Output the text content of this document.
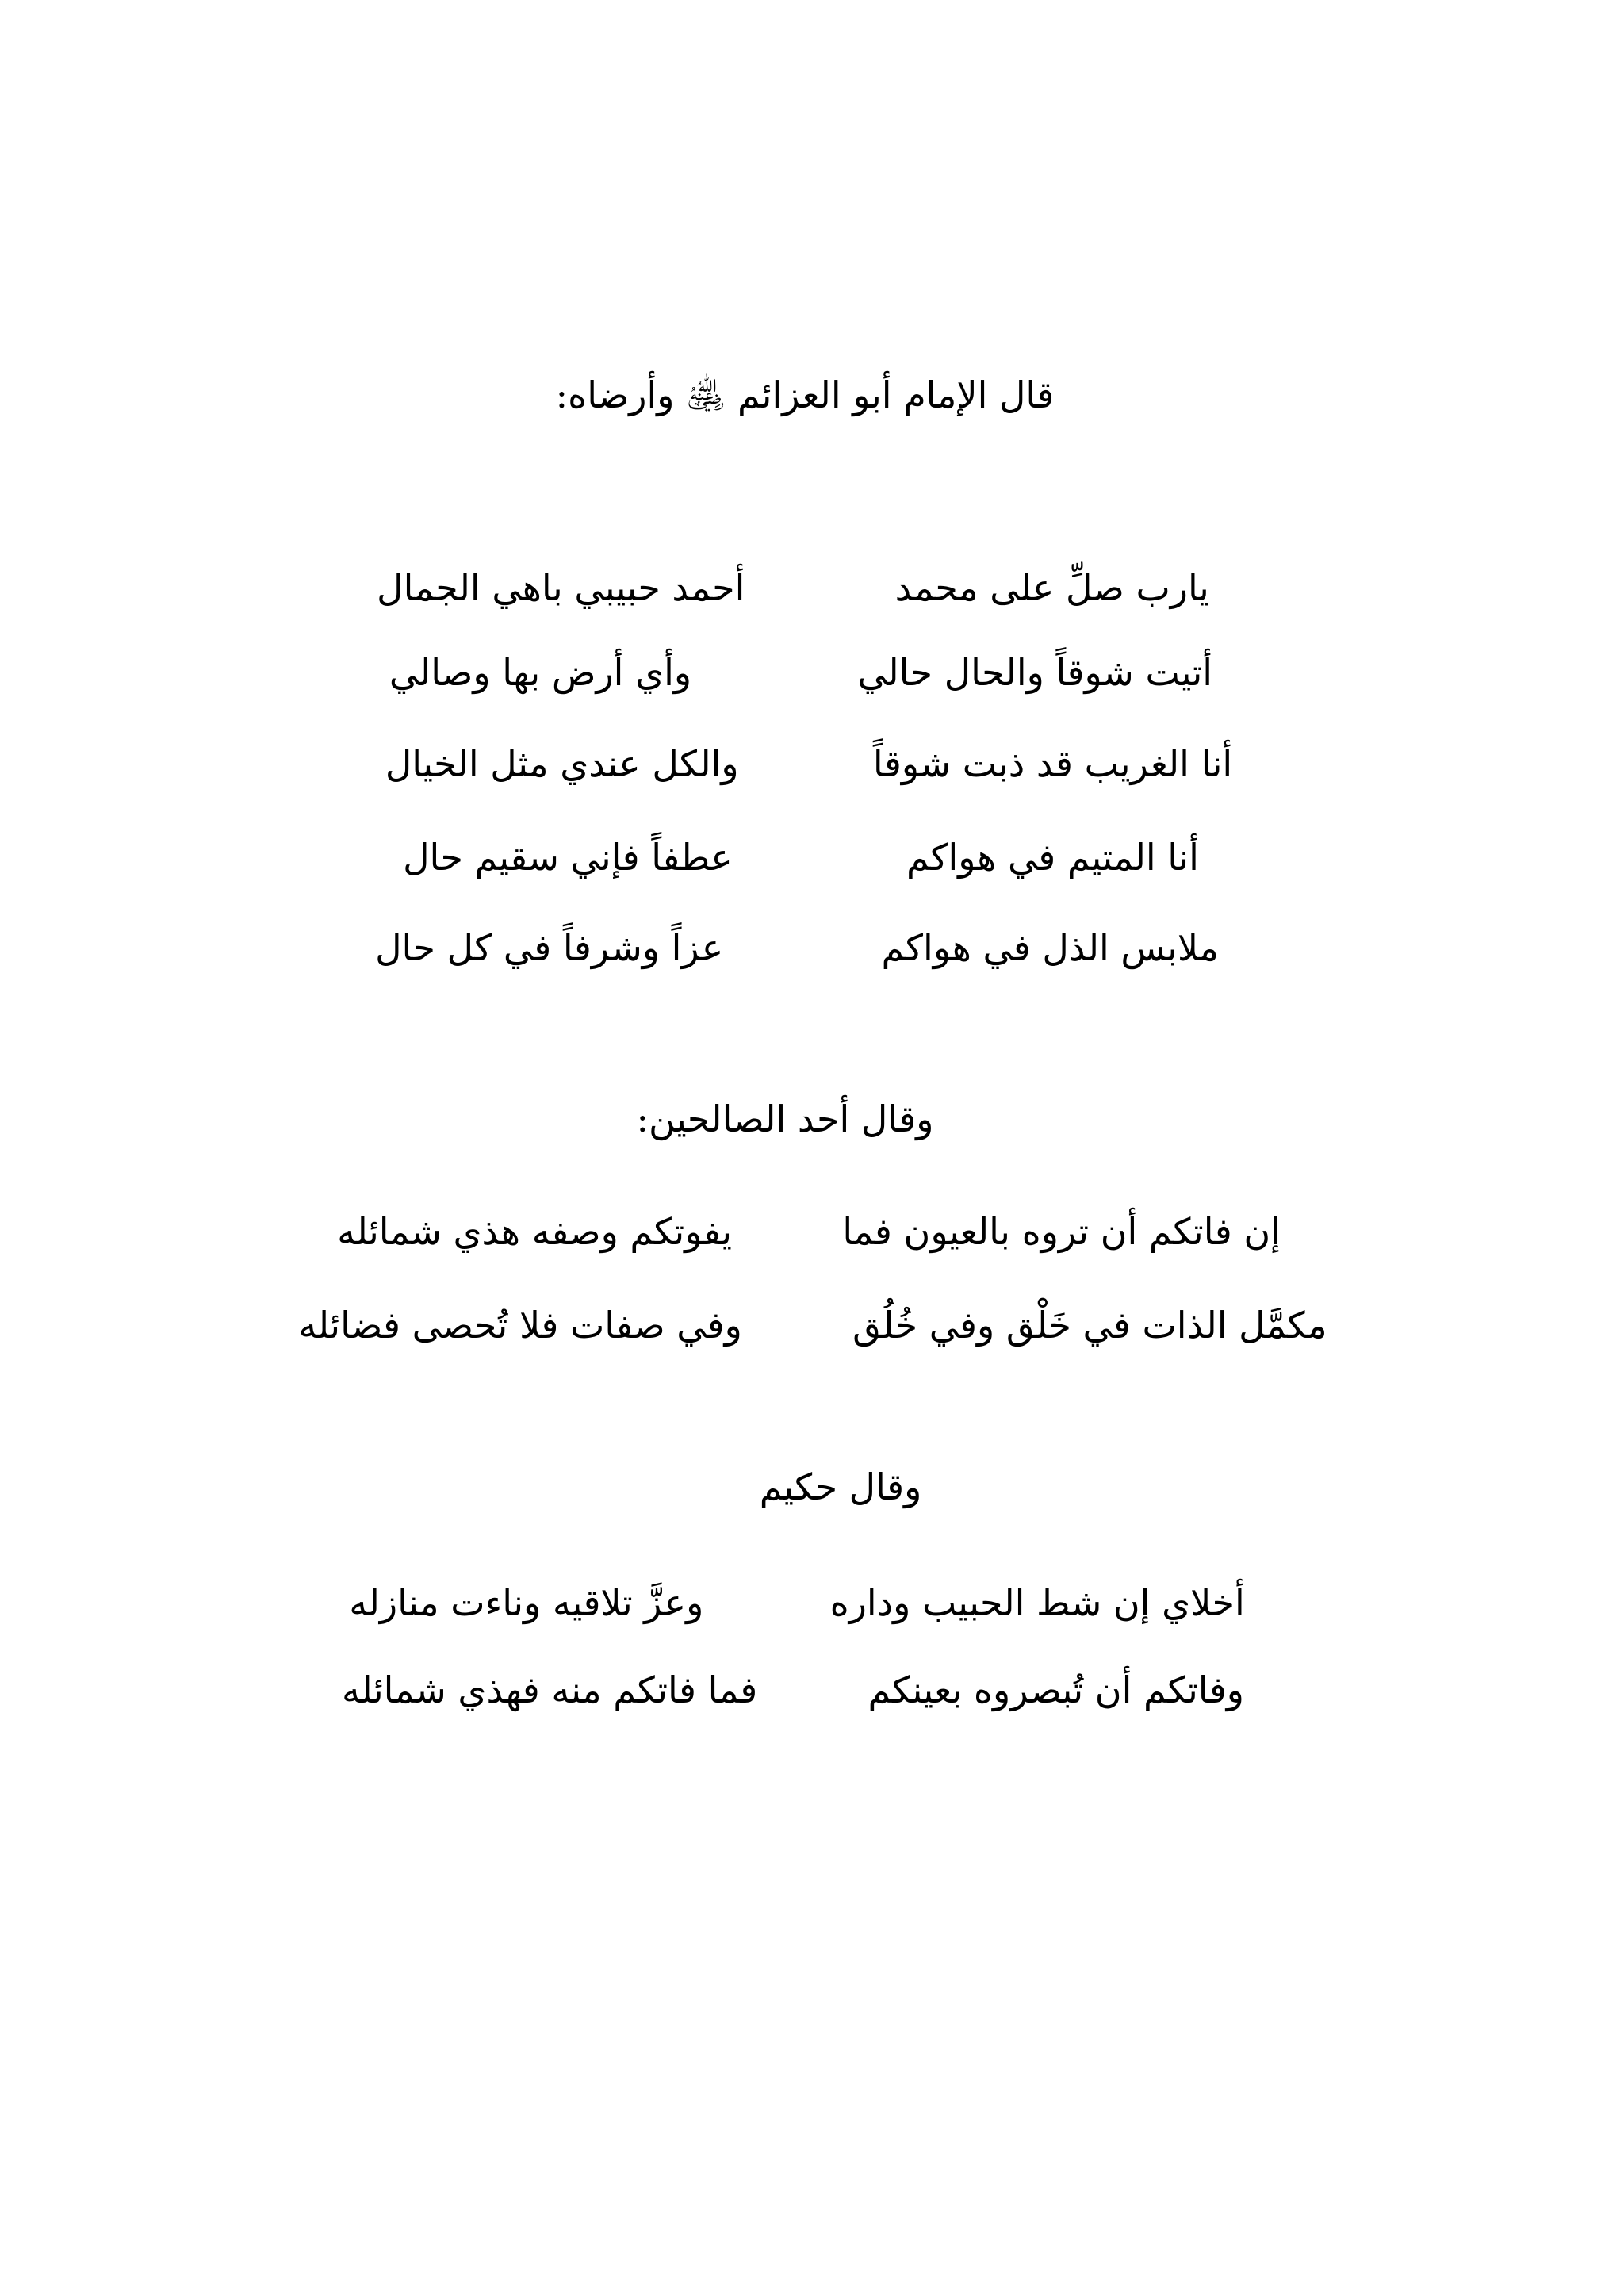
قال الإمام أبو العزائم ﵁ وأرضاه:
يارب صلِّ على محمد  أحمد حبيبي باهي الجمال
أتيت شوقاً والحال حالي  وأي أرض بها وصالي
أنا الغريب قد ذبت شوقاً  والكل عندي مثل الخيال
أنا المتيم في هواكم  عطفاً فإني سقيم حال
ملابس الذل في هواكم  عزاً وشرفاً في كل حال
وقال أحد الصالحين:
إن فاتكم أن تروه بالعيون فما  يفوتكم وصفه هذي شمائله
مكمَّل الذات في خَلْق وفي خُلُق  وفي صفات فلا تُحصى فضائله
وقال حكيم
أخلاي إن شط الحبيب وداره  وعزَّ تلاقيه وناءت منازله
وفاتكم أن تُبصروه بعينكم  فما فاتكم منه فهذي شمائله
